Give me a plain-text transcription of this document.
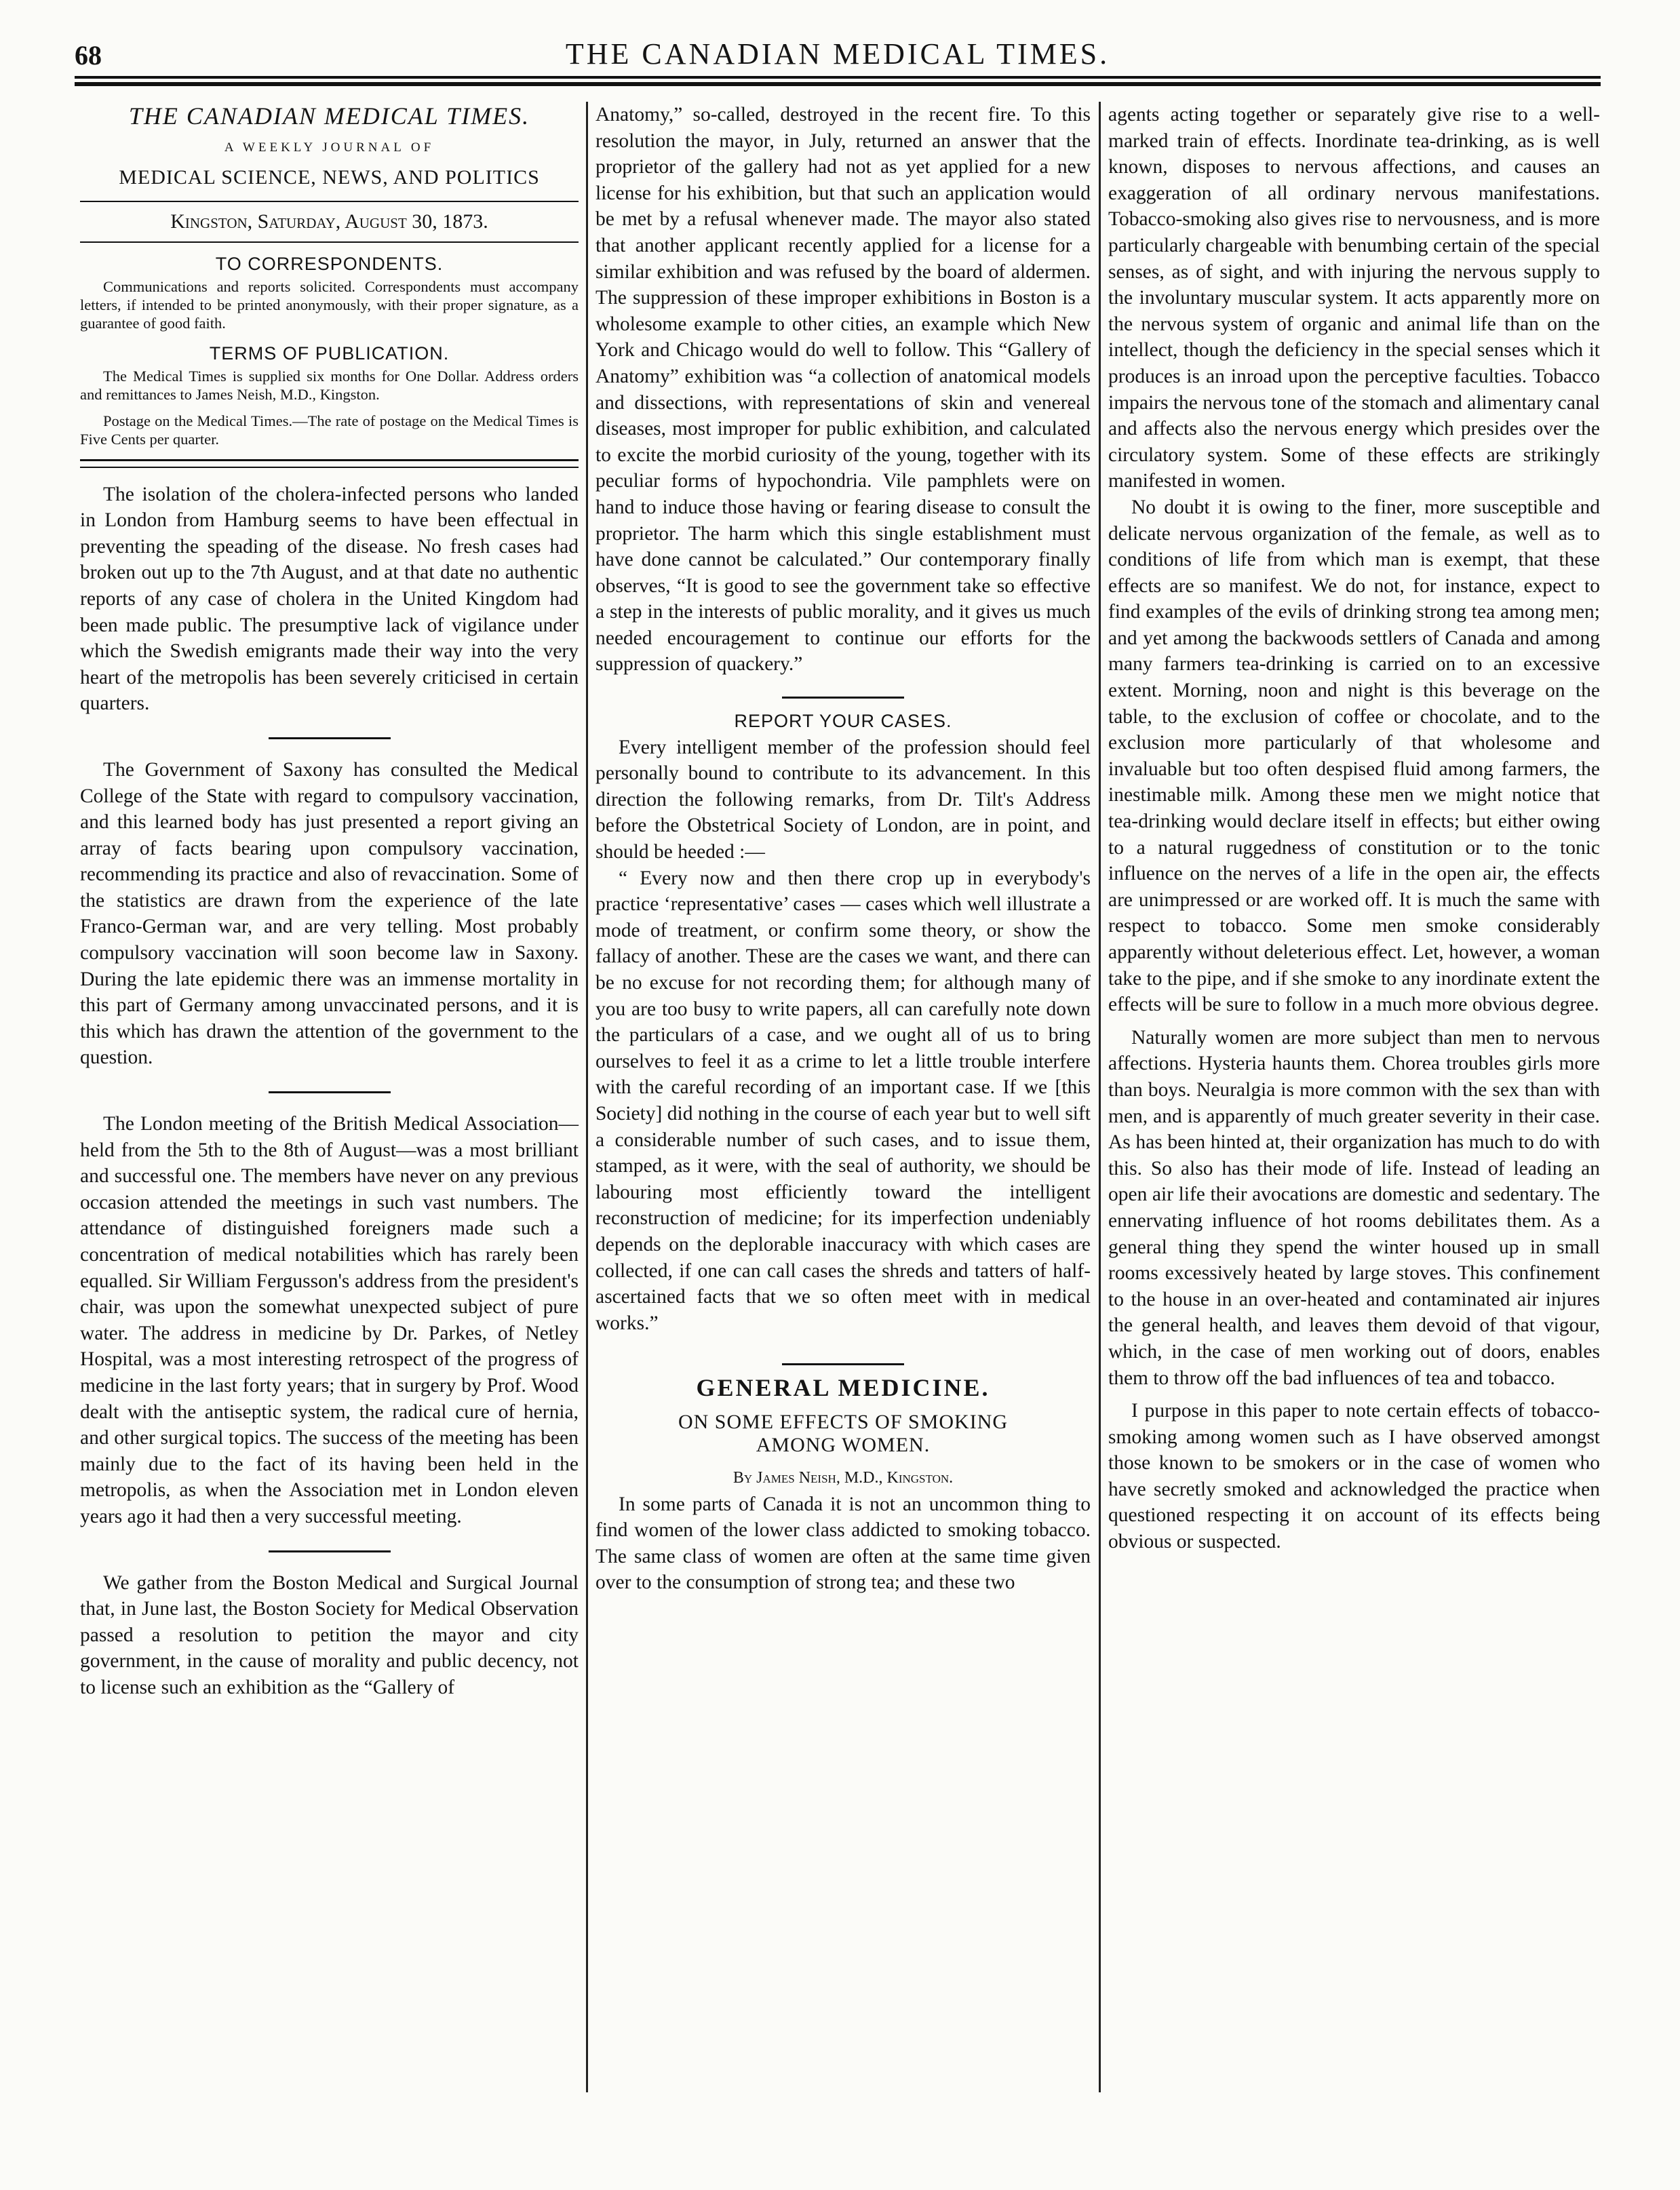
68	THE CANADIAN MEDICAL TIMES.
THE CANADIAN MEDICAL TIMES.
A WEEKLY JOURNAL OF
MEDICAL SCIENCE, NEWS, AND POLITICS
Kingston, Saturday, August 30, 1873.
TO CORRESPONDENTS.

Communications and reports solicited. Correspondents must accompany letters, if intended to be printed anonymously, with their proper signature, as a guarantee of good faith.

TERMS OF PUBLICATION.

The Medical Times is supplied six months for One Dollar. Address orders and remittances to James Neish, M.D., Kingston.

Postage on the Medical Times.—The rate of postage on the Medical Times is Five Cents per quarter.

The isolation of the cholera-infected persons who landed in London from Hamburg seems to have been effectual in preventing the speading of the disease. No fresh cases had broken out up to the 7th August, and at that date no authentic reports of any case of cholera in the United Kingdom had been made public. The presumptive lack of vigilance under which the Swedish emigrants made their way into the very heart of the metropolis has been severely criticised in certain quarters.

The Government of Saxony has consulted the Medical College of the State with regard to compulsory vaccination, and this learned body has just presented a report giving an array of facts bearing upon compulsory vaccination, recommending its practice and also of revaccination. Some of the statistics are drawn from the experience of the late Franco-German war, and are very telling. Most probably compulsory vaccination will soon become law in Saxony. During the late epidemic there was an immense mortality in this part of Germany among unvaccinated persons, and it is this which has drawn the attention of the government to the question.

The London meeting of the British Medical Association—held from the 5th to the 8th of August—was a most brilliant and successful one. The members have never on any previous occasion attended the meetings in such vast numbers. The attendance of distinguished foreigners made such a concentration of medical notabilities which has rarely been equalled. Sir William Fergusson's address from the president's chair, was upon the somewhat unexpected subject of pure water. The address in medicine by Dr. Parkes, of Netley Hospital, was a most interesting retrospect of the progress of medicine in the last forty years; that in surgery by Prof. Wood dealt with the antiseptic system, the radical cure of hernia, and other surgical topics. The success of the meeting has been mainly due to the fact of its having been held in the metropolis, as when the Association met in London eleven years ago it had then a very successful meeting.

We gather from the Boston Medical and Surgical Journal that, in June last, the Boston Society for Medical Observation passed a resolution to petition the mayor and city government, in the cause of morality and public decency, not to license such an exhibition as the “Gallery of

Anatomy,” so-called, destroyed in the recent fire. To this resolution the mayor, in July, returned an answer that the proprietor of the gallery had not as yet applied for a new license for his exhibition, but that such an application would be met by a refusal whenever made. The mayor also stated that another applicant recently applied for a license for a similar exhibition and was refused by the board of aldermen. The suppression of these improper exhibitions in Boston is a wholesome example to other cities, an example which New York and Chicago would do well to follow. This “Gallery of Anatomy” exhibition was “a collection of anatomical models and dissections, with representations of skin and venereal diseases, most improper for public exhibition, and calculated to excite the morbid curiosity of the young, together with its peculiar forms of hypochondria. Vile pamphlets were on hand to induce those having or fearing disease to consult the proprietor. The harm which this single establishment must have done cannot be calculated.” Our contemporary finally observes, “It is good to see the government take so effective a step in the interests of public morality, and it gives us much needed encouragement to continue our efforts for the suppression of quackery.”

REPORT YOUR CASES.

Every intelligent member of the profession should feel personally bound to contribute to its advancement. In this direction the following remarks, from Dr. Tilt's Address before the Obstetrical Society of London, are in point, and should be heeded :—

“ Every now and then there crop up in everybody's practice ‘representative’ cases — cases which well illustrate a mode of treatment, or confirm some theory, or show the fallacy of another. These are the cases we want, and there can be no excuse for not recording them; for although many of you are too busy to write papers, all can carefully note down the particulars of a case, and we ought all of us to bring ourselves to feel it as a crime to let a little trouble interfere with the careful recording of an important case. If we [this Society] did nothing in the course of each year but to well sift a considerable number of such cases, and to issue them, stamped, as it were, with the seal of authority, we should be labouring most efficiently toward the intelligent reconstruction of medicine; for its imperfection undeniably depends on the deplorable inaccuracy with which cases are collected, if one can call cases the shreds and tatters of half-ascertained facts that we so often meet with in medical works.”

GENERAL MEDICINE.
ON SOME EFFECTS OF SMOKING
AMONG WOMEN.
By James Neish, M.D., Kingston.

In some parts of Canada it is not an uncommon thing to find women of the lower class addicted to smoking tobacco. The same class of women are often at the same time given over to the consumption of strong tea; and these two

agents acting together or separately give rise to a well-marked train of effects. Inordinate tea-drinking, as is well known, disposes to nervous affections, and causes an exaggeration of all ordinary nervous manifestations. Tobacco-smoking also gives rise to nervousness, and is more particularly chargeable with benumbing certain of the special senses, as of sight, and with injuring the nervous supply to the involuntary muscular system. It acts apparently more on the nervous system of organic and animal life than on the intellect, though the deficiency in the special senses which it produces is an inroad upon the perceptive faculties. Tobacco impairs the nervous tone of the stomach and alimentary canal and affects also the nervous energy which presides over the circulatory system. Some of these effects are strikingly manifested in women.

No doubt it is owing to the finer, more susceptible and delicate nervous organization of the female, as well as to conditions of life from which man is exempt, that these effects are so manifest. We do not, for instance, expect to find examples of the evils of drinking strong tea among men; and yet among the backwoods settlers of Canada and among many farmers tea-drinking is carried on to an excessive extent. Morning, noon and night is this beverage on the table, to the exclusion of coffee or chocolate, and to the exclusion more particularly of that wholesome and invaluable but too often despised fluid among farmers, the inestimable milk. Among these men we might notice that tea-drinking would declare itself in effects; but either owing to a natural ruggedness of constitution or to the tonic influence on the nerves of a life in the open air, the effects are unimpressed or are worked off. It is much the same with respect to tobacco. Some men smoke considerably apparently without deleterious effect. Let, however, a woman take to the pipe, and if she smoke to any inordinate extent the effects will be sure to follow in a much more obvious degree.

Naturally women are more subject than men to nervous affections. Hysteria haunts them. Chorea troubles girls more than boys. Neuralgia is more common with the sex than with men, and is apparently of much greater severity in their case. As has been hinted at, their organization has much to do with this. So also has their mode of life. Instead of leading an open air life their avocations are domestic and sedentary. The ennervating influence of hot rooms debilitates them. As a general thing they spend the winter housed up in small rooms excessively heated by large stoves. This confinement to the house in an over-heated and contaminated air injures the general health, and leaves them devoid of that vigour, which, in the case of men working out of doors, enables them to throw off the bad influences of tea and tobacco.

I purpose in this paper to note certain effects of tobacco-smoking among women such as I have observed amongst those known to be smokers or in the case of women who have secretly smoked and acknowledged the practice when questioned respecting it on account of its effects being obvious or suspected.
